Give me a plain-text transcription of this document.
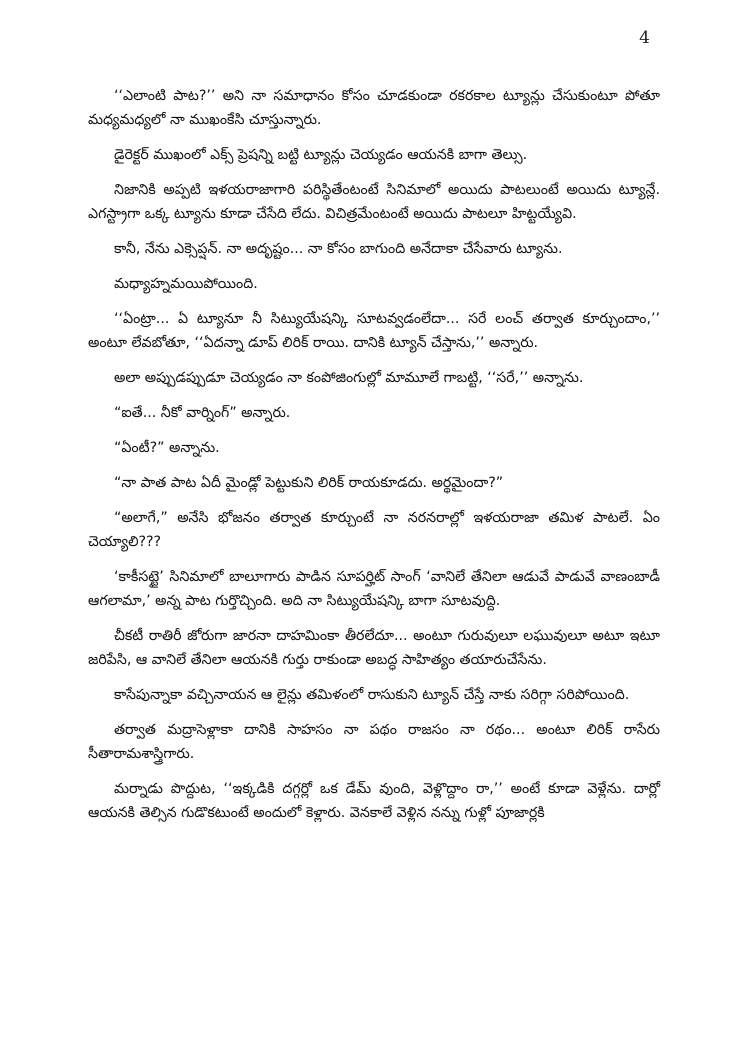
4

‘‘ఎలాంటి పాట?’’ అని నా సమాధానం కోసం చూడకుండా రకరకాల ట్యూన్లు చేసుకుంటూ పోతూ మధ్యమధ్యలో నా ముఖంకేసి చూస్తున్నారు.

డైరెక్టర్ ముఖంలో ఎక్స్ ప్రెషన్ని బట్టి ట్యూన్లు చెయ్యడం ఆయనకి బాగా తెల్సు.

నిజానికి అప్పటి ఇళయరాజాగారి పరిస్థితేంటంటే సినిమాలో అయిదు పాటలుంటే అయిదు ట్యూన్లే. ఎగస్ట్రాగా ఒక్క ట్యూను కూడా చేసేది లేదు. విచిత్రమేంటంటే అయిదు పాటలూ హిట్టయ్యేవి.

కానీ, నేను ఎక్సెప్షన్. నా అదృష్టం... నా కోసం బాగుంది అనేదాకా చేసేవారు ట్యూను.

మధ్యాహ్నమయిపోయింది.

‘‘ఏంట్రా... ఏ ట్యూనూ నీ సిట్యుయేషన్కి సూటవ్వడంలేదా... సరే లంచ్ తర్వాత కూర్చుందాం,’’ అంటూ లేవబోతూ, ‘‘ఏదన్నా డూప్ లిరిక్ రాయి. దానికి ట్యూన్ చేస్తాను,’’ అన్నారు.

అలా అప్పుడప్పుడూ చెయ్యడం నా కంపోజింగుల్లో మామూలే గాబట్టి, ‘‘సరే,’’ అన్నాను.

“ఐతే... నీకో వార్నింగ్” అన్నారు.

“ఏంటీ?” అన్నాను.

“నా పాత పాట ఏదీ మైండ్లో పెట్టుకుని లిరిక్ రాయకూడదు. అర్థమైందా?”

“అలాగే,” అనేసి భోజనం తర్వాత కూర్చుంటే నా నరనరాల్లో ఇళయరాజా తమిళ పాటలే. ఏం చెయ్యాలి???

‘కాకీసట్టై’ సినిమాలో బాలూగారు పాడిన సూపర్హిట్ సాంగ్ ‘వానిలే తేనిలా ఆడువే పాడువే వాణంబాడీ ఆగలామా,’ అన్న పాట గుర్తొచ్చింది. అది నా సిట్యుయేషన్కి బాగా సూటవుద్ది.

చీకటీ రాతిరీ జోరుగా జారనా దాహమింకా తీరలేదూ... అంటూ గురువులూ లఘువులూ అటూ ఇటూ జరిపేసి, ఆ వానిలే తేనిలా ఆయనకి గుర్తు రాకుండా అబద్ధ సాహిత్యం తయారుచేసేను.

కాసేపున్నాకా వచ్చినాయన ఆ లైన్లు తమిళంలో రాసుకుని ట్యూన్ చేస్తే నాకు సరిగ్గా సరిపోయింది.

తర్వాత మద్రాసెళ్లాకా దానికి సాహసం నా పథం రాజసం నా రథం... అంటూ లిరిక్ రాసేరు సీతారామశాస్త్రిగారు.

మర్నాడు పొద్దుట, ‘‘ఇక్కడికి దగ్గర్లో ఒక డేమ్ వుంది, వెళ్లొద్దాం రా,’’ అంటే కూడా వెళ్లేను. దార్లో ఆయనకి తెల్సిన గుడొకటుంటే అందులో కెళ్లారు. వెనకాలే వెళ్లిన నన్ను గుళ్లో పూజార్లకి
